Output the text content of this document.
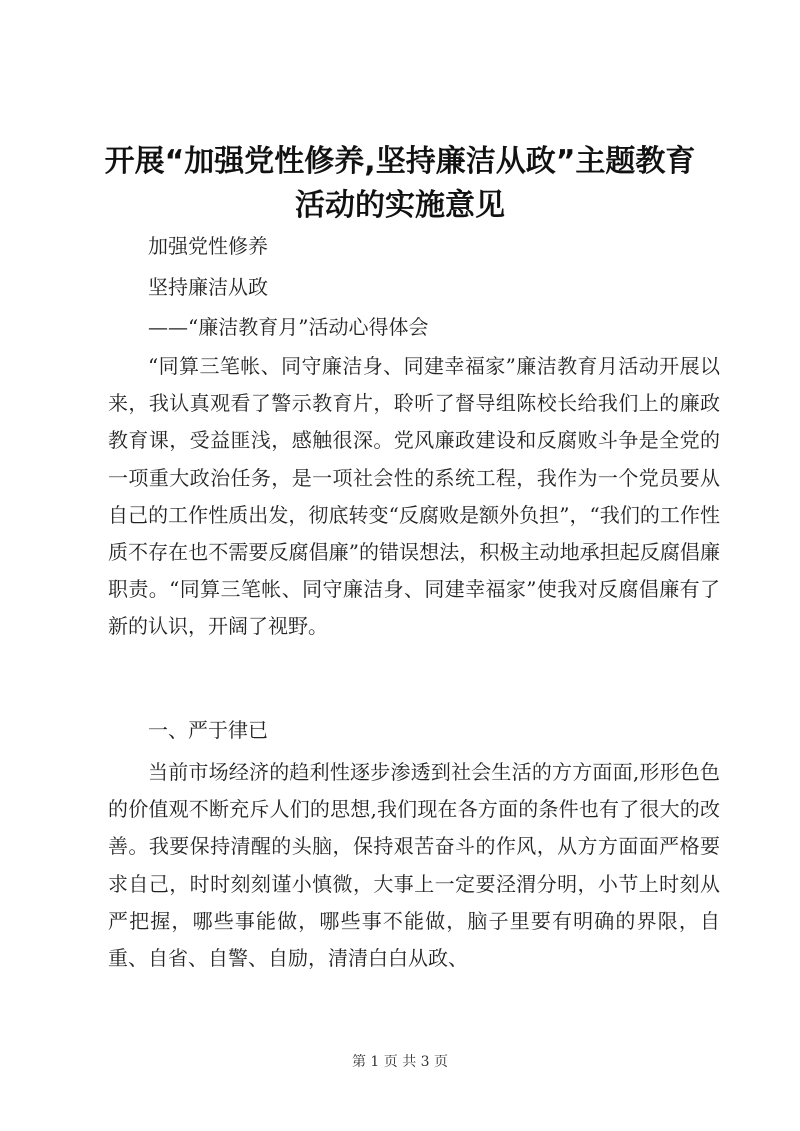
开展“加强党性修养,坚持廉洁从政”主题教育活动的实施意见
加强党性修养
坚持廉洁从政
——“廉洁教育月”活动心得体会
“同算三笔帐、同守廉洁身、同建幸福家”廉洁教育月活动开展以来，我认真观看了警示教育片，聆听了督导组陈校长给我们上的廉政教育课，受益匪浅，感触很深。党风廉政建设和反腐败斗争是全党的一项重大政治任务，是一项社会性的系统工程，我作为一个党员要从自己的工作性质出发，彻底转变“反腐败是额外负担”，“我们的工作性质不存在也不需要反腐倡廉”的错误想法，积极主动地承担起反腐倡廉职责。“同算三笔帐、同守廉洁身、同建幸福家”使我对反腐倡廉有了新的认识，开阔了视野。
一、严于律已
当前市场经济的趋利性逐步渗透到社会生活的方方面面,形形色色的价值观不断充斥人们的思想,我们现在各方面的条件也有了很大的改善。我要保持清醒的头脑，保持艰苦奋斗的作风，从方方面面严格要求自己，时时刻刻谨小慎微，大事上一定要泾渭分明，小节上时刻从严把握，哪些事能做，哪些事不能做，脑子里要有明确的界限，自重、自省、自警、自励，清清白白从政、
第 1 页 共 3 页
